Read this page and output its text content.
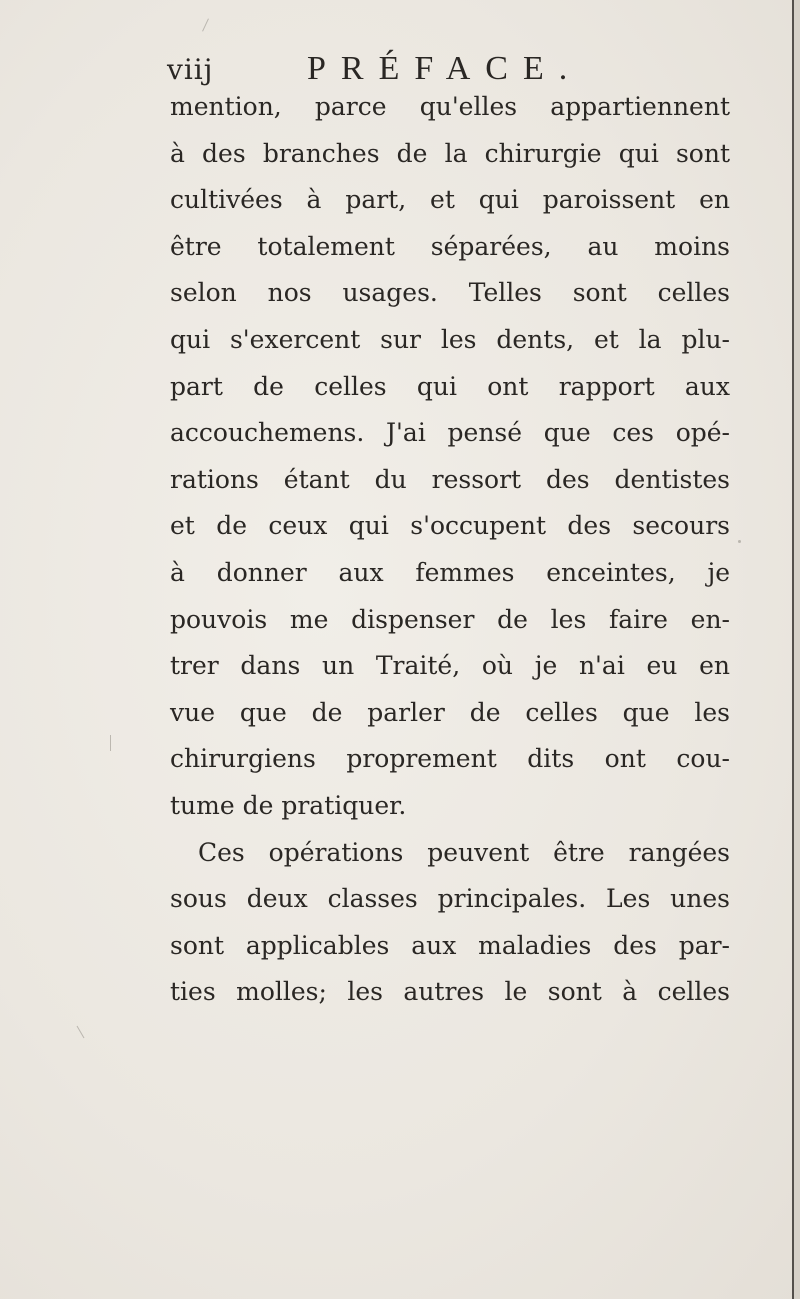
viij	PRÉFACE.
mention, parce qu'elles appartiennent
à des branches de la chirurgie qui sont
cultivées à part, et qui paroissent en
être totalement séparées, au moins
selon nos usages. Telles sont celles
qui s'exercent sur les dents, et la plu-
part de celles qui ont rapport aux
accouchemens. J'ai pensé que ces opé-
rations étant du ressort des dentistes
et de ceux qui s'occupent des secours
à donner aux femmes enceintes, je
pouvois me dispenser de les faire en-
trer dans un Traité, où je n'ai eu en
vue que de parler de celles que les
chirurgiens proprement dits ont cou-
tume de pratiquer.
Ces opérations peuvent être rangées
sous deux classes principales. Les unes
sont applicables aux maladies des par-
ties molles; les autres le sont à celles
